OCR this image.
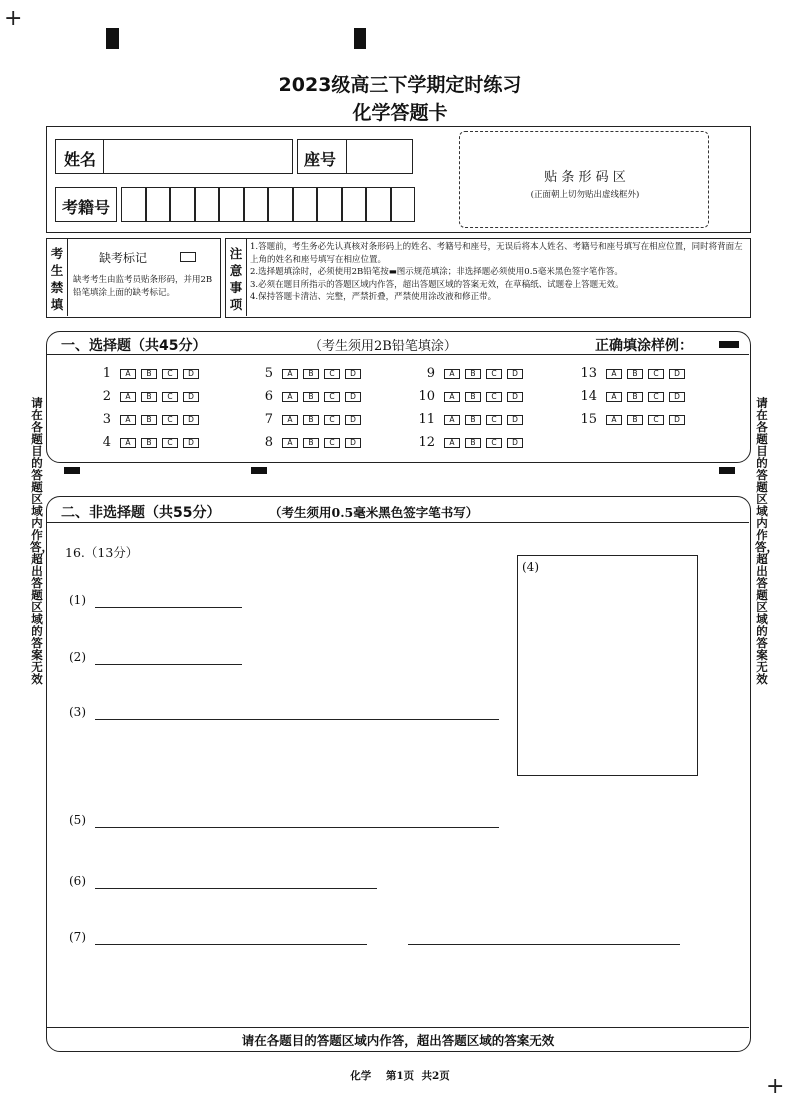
+
+
2023级高三下学期定时练习
化学答题卡
姓名	座号
考籍号
贴 条 形 码 区
(正面朝上切勿贴出虚线框外)
考
生
禁
填
缺考标记
缺考考生由监考员贴条形码，并用2B铅笔填涂上面的缺考标记。
注
意
事
项
1.答题前，考生务必先认真核对条形码上的姓名、考籍号和座号，无误后将本人姓名、考籍号和座号填写在相应位置，同时将背面左上角的姓名和座号填写在相应位置。
2.选择题填涂时，必须使用2B铅笔按▬图示规范填涂；非选择题必须使用0.5毫米黑色签字笔作答。
3.必须在题目所指示的答题区域内作答，超出答题区域的答案无效，在草稿纸、试题卷上答题无效。
4.保持答题卡清洁、完整，严禁折叠，严禁使用涂改液和修正带。
一、选择题（共45分）	（考生须用2B铅笔填涂）	正确填涂样例：
1	A	B	C	D
2	A	B	C	D
3	A	B	C	D
4	A	B	C	D
5	A	B	C	D
6	A	B	C	D
7	A	B	C	D
8	A	B	C	D
9	A	B	C	D
10	A	B	C	D
11	A	B	C	D
12	A	B	C	D
13	A	B	C	D
14	A	B	C	D
15	A	B	C	D
请在各题目的答题区域内作答，超出答题区域的答案无效
请在各题目的答题区域内作答，超出答题区域的答案无效
二、非选择题（共55分）	（考生须用0.5毫米黑色签字笔书写）
16.（13分）
(1)
(2)
(3)
(4)
(5)
(6)
(7)
请在各题目的答题区域内作答，超出答题区域的答案无效
化学 第1页 共2页
